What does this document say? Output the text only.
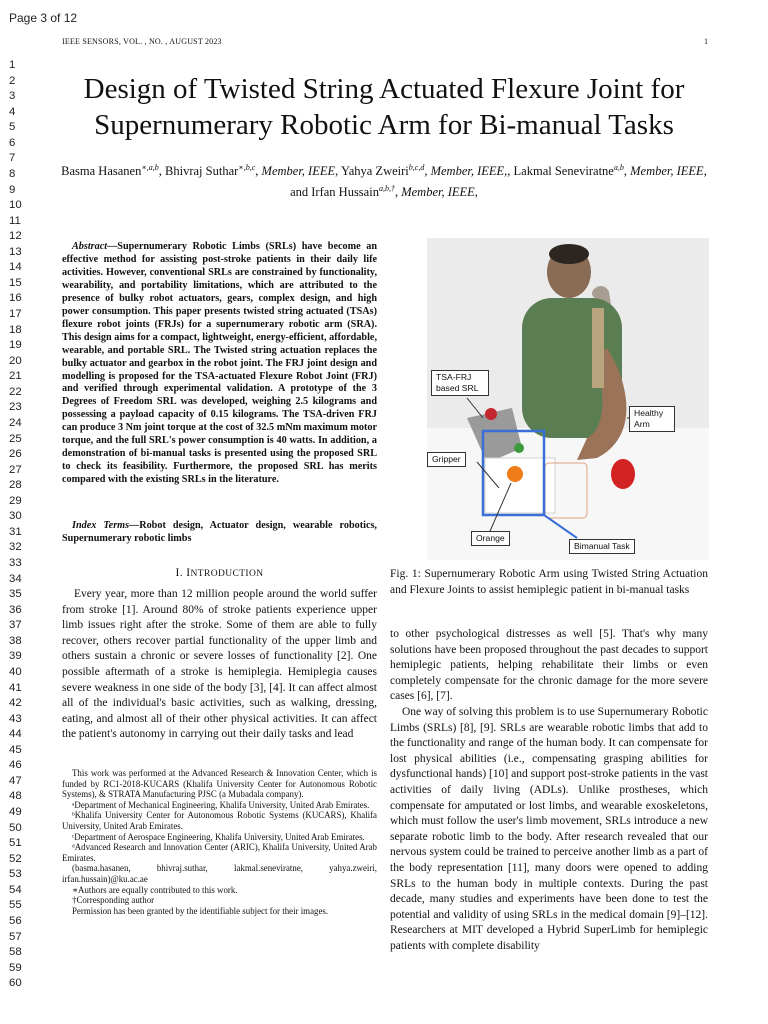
Page 3 of 12
1
2
3
4
5
6
7
8
9
10
11
12
13
14
15
16
17
18
19
20
21
22
23
24
25
26
27
28
29
30
31
32
33
34
35
36
37
38
39
40
41
42
43
44
45
46
47
48
49
50
51
52
53
54
55
56
57
58
59
60
IEEE SENSORS, VOL. , NO. , AUGUST 2023	1
Design of Twisted String Actuated Flexure Joint for Supernumerary Robotic Arm for Bi-manual Tasks
Basma Hasanen$^{∗,a,b}$, Bhivraj Suthar$^{∗,b,c}$, Member, IEEE, Yahya Zweiri$^{b,c,d}$, Member, IEEE,, Lakmal Seneviratne$^{a,b}$, Member, IEEE, and Irfan Hussain$^{a,b,\dagger}$, Member, IEEE,
Abstract—Supernumerary Robotic Limbs (SRLs) have become an effective method for assisting post-stroke patients in their daily life activities. However, conventional SRLs are constrained by functionality, wearability, and portability limitations, which are attributed to the presence of bulky robot actuators, gears, complex design, and high power consumption. This paper presents twisted string actuated (TSAs) flexure robot joints (FRJs) for a supernumerary robotic arm (SRA). This design aims for a compact, lightweight, energy-efficient, affordable, wearable, and portable SRL. The Twisted string actuation replaces the bulky actuator and gearbox in the robot joint. The FRJ joint design and modelling is proposed for the TSA-actuated Flexure Robot Joint (FRJ) and verified through experimental validation. A prototype of the 3 Degrees of Freedom SRL was developed, weighing 2.5 kilograms and possessing a payload capacity of 0.15 kilograms. The TSA-driven FRJ can produce 3 Nm joint torque at the cost of 32.5 mNm maximum motor torque, and the full SRL's power consumption is 40 watts. In addition, a demonstration of bi-manual tasks is presented using the proposed SRL to check its feasibility. Furthermore, the proposed SRL has merits compared with the existing SRLs in the literature.
Index Terms—Robot design, Actuator design, wearable robotics, Supernumerary robotic limbs
I. INTRODUCTION

Every year, more than 12 million people around the world suffer from stroke [1]. Around 80% of stroke patients experience upper limb issues right after the stroke. Some of them are able to fully recover, others recover partial functionality of the upper limb and others sustain a chronic or severe losses of functionality [2]. One possible aftermath of a stroke is hemiplegia. Hemiplegia causes severe weakness in one side of the body [3], [4]. It can affect almost all of the individual's basic activities, such as walking, dressing, eating, and almost all of their other physical activities. It can affect the patient's autonomy in carrying out their daily tasks and lead

This work was performed at the Advanced Research & Innovation Center, which is funded by RC1-2018-KUCARS (Khalifa University Center for Autonomous Robotic Systems), & STRATA Manufacturing PJSC (a Mubadala company).

ᵃDepartment of Mechanical Engineering, Khalifa University, United Arab Emirates.

ᵇKhalifa University Center for Autonomous Robotic Systems (KUCARS), Khalifa University, United Arab Emirates.

ᶜDepartment of Aerospace Engineering, Khalifa University, United Arab Emirates.

ᵈAdvanced Research and Innovation Center (ARIC), Khalifa University, United Arab Emirates.

(basma.hasanen, bhivraj.suthar, lakmal.seneviratne, yahya.zweiri, irfan.hussain)@ku.ac.ae

∗Authors are equally contributed to this work.

†Corresponding author

Permission has been granted by the identifiable subject for their images.

TSA-FRJ based SRL
Healthy Arm
Gripper
Orange
Bimanual Task
Fig. 1: Supernumerary Robotic Arm using Twisted String Actuation and Flexure Joints to assist hemiplegic patient in bi-manual tasks

to other psychological distresses as well [5]. That's why many solutions have been proposed throughout the past decades to support hemiplegic patients, helping rehabilitate their limbs or even completely compensate for the chronic damage for the more severe cases [6], [7].

One way of solving this problem is to use Supernumerary Robotic Limbs (SRLs) [8], [9]. SRLs are wearable robotic limbs that add to the functionality and range of the human body. It can compensate for lost physical abilities (i.e., compensating grasping abilities for dysfunctional hands) [10] and support post-stroke patients in the vast activities of daily living (ADLs). Unlike prostheses, which compensate for amputated or lost limbs, and wearable exoskeletons, which must follow the user's limb movement, SRLs introduce a new separate robotic limb to the body. After research revealed that our nervous system could be trained to perceive another limb as a part of the body representation [11], many doors were opened to adding SRLs to the human body in multiple contexts. During the past decade, many studies and experiments have been done to test the potential and validity of using SRLs in the medical domain [9]–[12]. Researchers at MIT developed a Hybrid SuperLimb for hemiplegic patients with complete disability
